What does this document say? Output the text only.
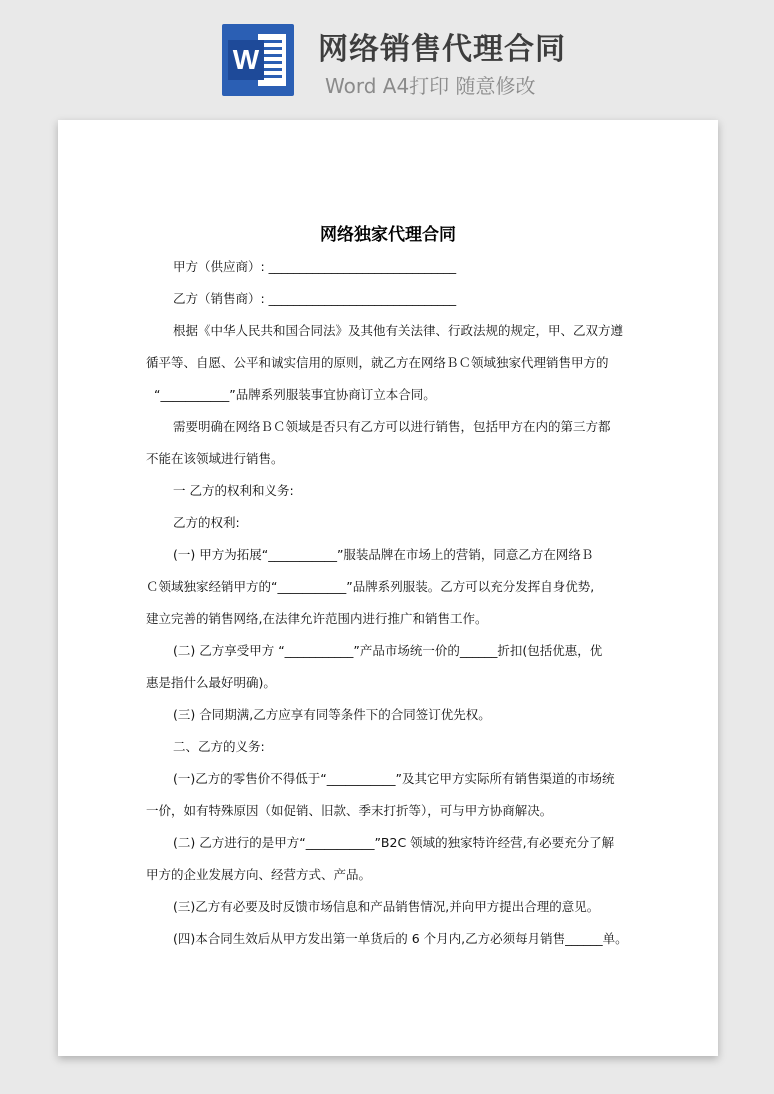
W 网络销售代理合同
Word A4打印 随意修改
网络独家代理合同
甲方（供应商）: ______________________________
乙方（销售商）: ______________________________
根据《中华人民共和国合同法》及其他有关法律、行政法规的规定，甲、乙双方遵
循平等、自愿、公平和诚实信用的原则，就乙方在网络ＢＣ领域独家代理销售甲方的
“___________”品牌系列服装事宜协商订立本合同。
需要明确在网络ＢＣ领域是否只有乙方可以进行销售，包括甲方在内的第三方都
不能在该领域进行销售。
一 乙方的权利和义务:
乙方的权利:
(一) 甲方为拓展“___________”服装品牌在市场上的营销，同意乙方在网络Ｂ
Ｃ领域独家经销甲方的“___________”品牌系列服装。乙方可以充分发挥自身优势,
建立完善的销售网络,在法律允许范围内进行推广和销售工作。
(二) 乙方享受甲方 “___________”产品市场统一价的______折扣(包括优惠，优
惠是指什么最好明确)。
(三) 合同期满,乙方应享有同等条件下的合同签订优先权。
二、乙方的义务:
(一)乙方的零售价不得低于“___________”及其它甲方实际所有销售渠道的市场统
一价，如有特殊原因（如促销、旧款、季末打折等），可与甲方协商解决。
(二) 乙方进行的是甲方“___________”B2C 领域的独家特许经营,有必要充分了解
甲方的企业发展方向、经营方式、产品。
(三)乙方有必要及时反馈市场信息和产品销售情况,并向甲方提出合理的意见。
(四)本合同生效后从甲方发出第一单货后的 6 个月内,乙方必须每月销售______单。
